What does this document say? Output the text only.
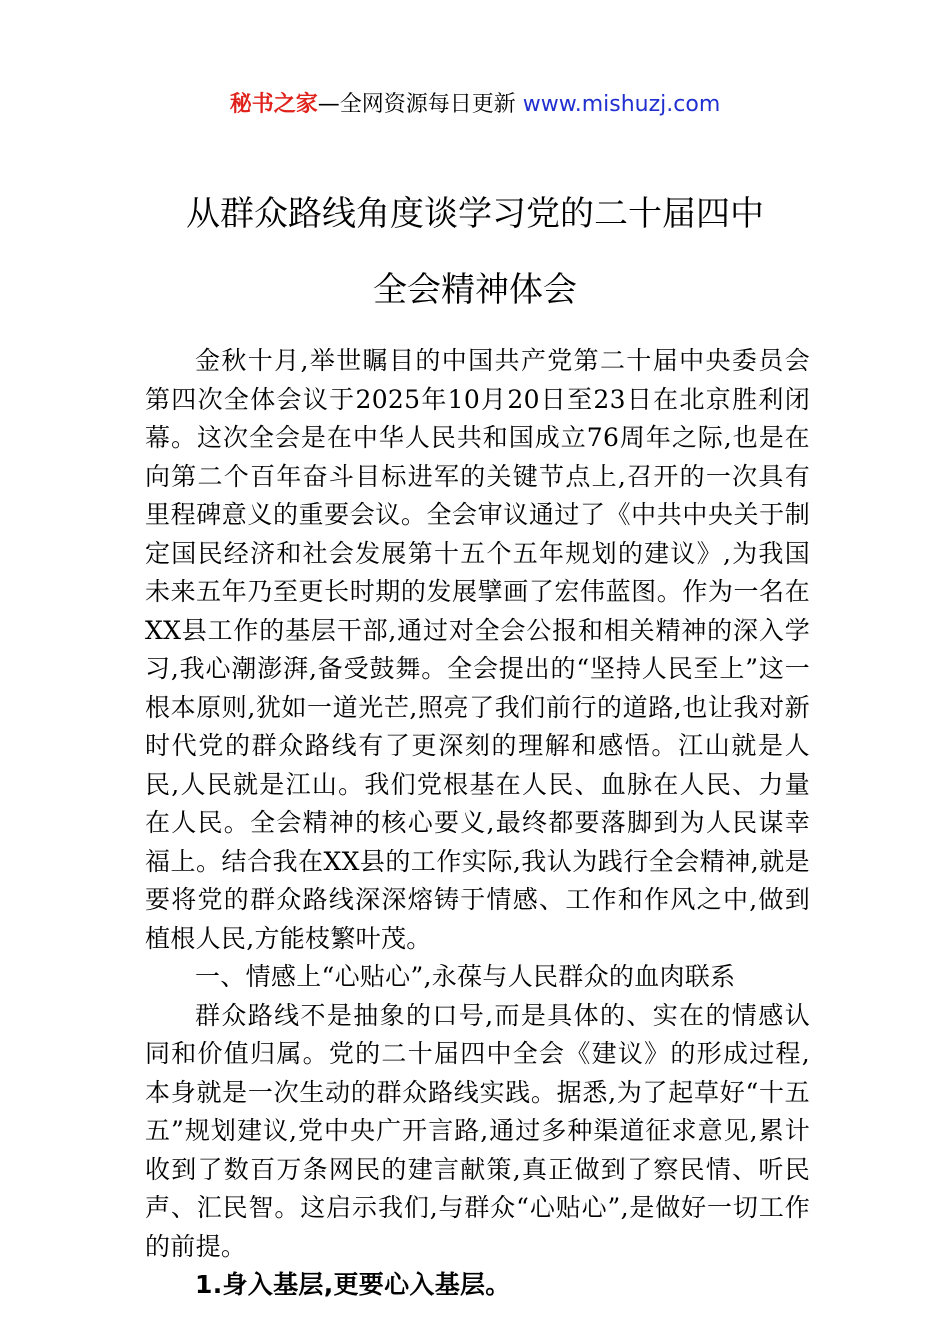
秘书之家—全网资源每日更新 www.mishuzj.com
从群众路线角度谈学习党的二十届四中
全会精神体会

金秋十月,举世瞩目的中国共产党第二十届中央委员会第四次全体会议于2025年10月20日至23日在北京胜利闭幕。这次全会是在中华人民共和国成立76周年之际,也是在向第二个百年奋斗目标进军的关键节点上,召开的一次具有里程碑意义的重要会议。全会审议通过了《中共中央关于制定国民经济和社会发展第十五个五年规划的建议》,为我国未来五年乃至更长时期的发展擘画了宏伟蓝图。作为一名在XX县工作的基层干部,通过对全会公报和相关精神的深入学习,我心潮澎湃,备受鼓舞。全会提出的“坚持人民至上”这一根本原则,犹如一道光芒,照亮了我们前行的道路,也让我对新时代党的群众路线有了更深刻的理解和感悟。江山就是人民,人民就是江山。我们党根基在人民、血脉在人民、力量在人民。全会精神的核心要义,最终都要落脚到为人民谋幸福上。结合我在XX县的工作实际,我认为践行全会精神,就是要将党的群众路线深深熔铸于情感、工作和作风之中,做到植根人民,方能枝繁叶茂。

一、情感上“心贴心”,永葆与人民群众的血肉联系

群众路线不是抽象的口号,而是具体的、实在的情感认同和价值归属。党的二十届四中全会《建议》的形成过程,本身就是一次生动的群众路线实践。据悉,为了起草好“十五五”规划建议,党中央广开言路,通过多种渠道征求意见,累计收到了数百万条网民的建言献策,真正做到了察民情、听民声、汇民智。这启示我们,与群众“心贴心”,是做好一切工作的前提。

1.身入基层,更要心入基层。
